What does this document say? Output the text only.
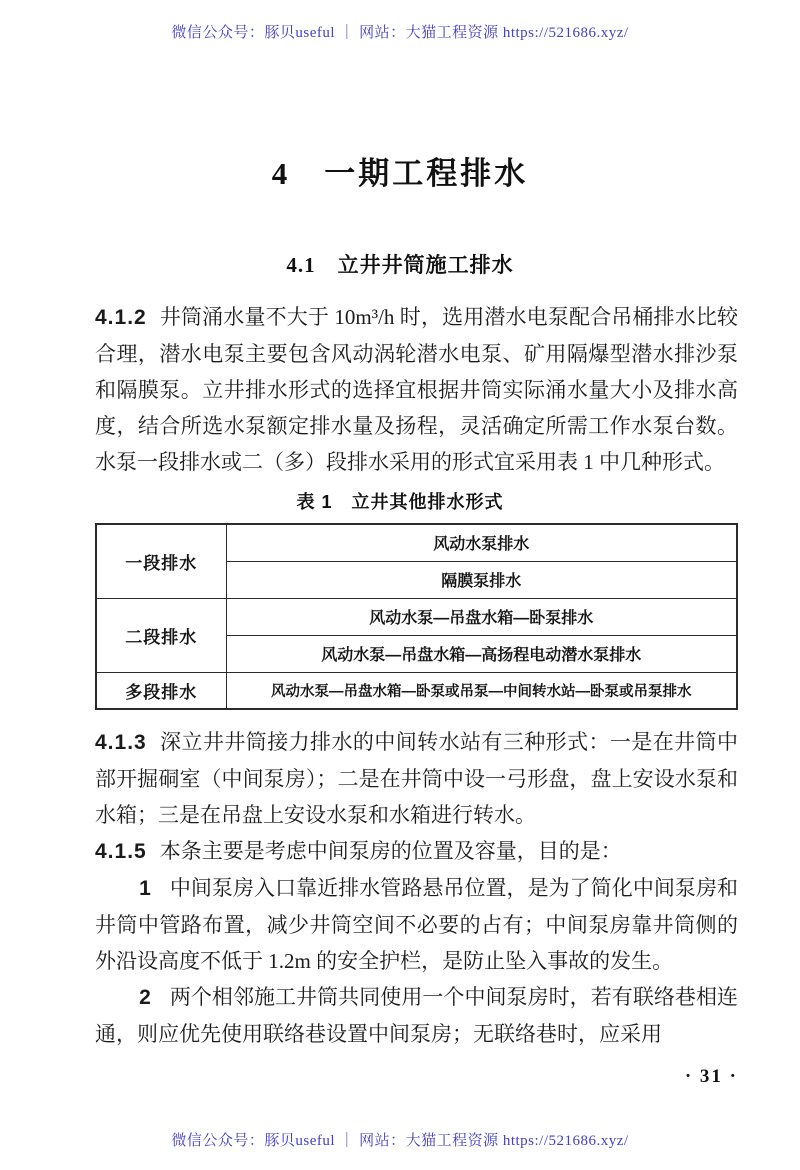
微信公众号：豚贝useful ｜ 网站：大猫工程资源 https://521686.xyz/
4　一期工程排水
4.1　立井井筒施工排水

4.1.2 井筒涌水量不大于 10m³/h 时，选用潜水电泵配合吊桶排水比较合理，潜水电泵主要包含风动涡轮潜水电泵、矿用隔爆型潜水排沙泵和隔膜泵。立井排水形式的选择宜根据井筒实际涌水量大小及排水高度，结合所选水泵额定排水量及扬程，灵活确定所需工作水泵台数。水泵一段排水或二（多）段排水采用的形式宜采用表 1 中几种形式。

表 1　立井其他排水形式
一段排水	风动水泵排水
	隔膜泵排水
二段排水	风动水泵—吊盘水箱—卧泵排水
	风动水泵—吊盘水箱—高扬程电动潜水泵排水
多段排水	风动水泵—吊盘水箱—卧泵或吊泵—中间转水站—卧泵或吊泵排水

4.1.3 深立井井筒接力排水的中间转水站有三种形式：一是在井筒中部开掘硐室（中间泵房）；二是在井筒中设一弓形盘，盘上安设水泵和水箱；三是在吊盘上安设水泵和水箱进行转水。

4.1.5 本条主要是考虑中间泵房的位置及容量，目的是：

1 中间泵房入口靠近排水管路悬吊位置，是为了简化中间泵房和井筒中管路布置，减少井筒空间不必要的占有；中间泵房靠井筒侧的外沿设高度不低于 1.2m 的安全护栏，是防止坠入事故的发生。

2 两个相邻施工井筒共同使用一个中间泵房时，若有联络巷相连通，则应优先使用联络巷设置中间泵房；无联络巷时，应采用

· 31 ·
微信公众号：豚贝useful ｜ 网站：大猫工程资源 https://521686.xyz/
